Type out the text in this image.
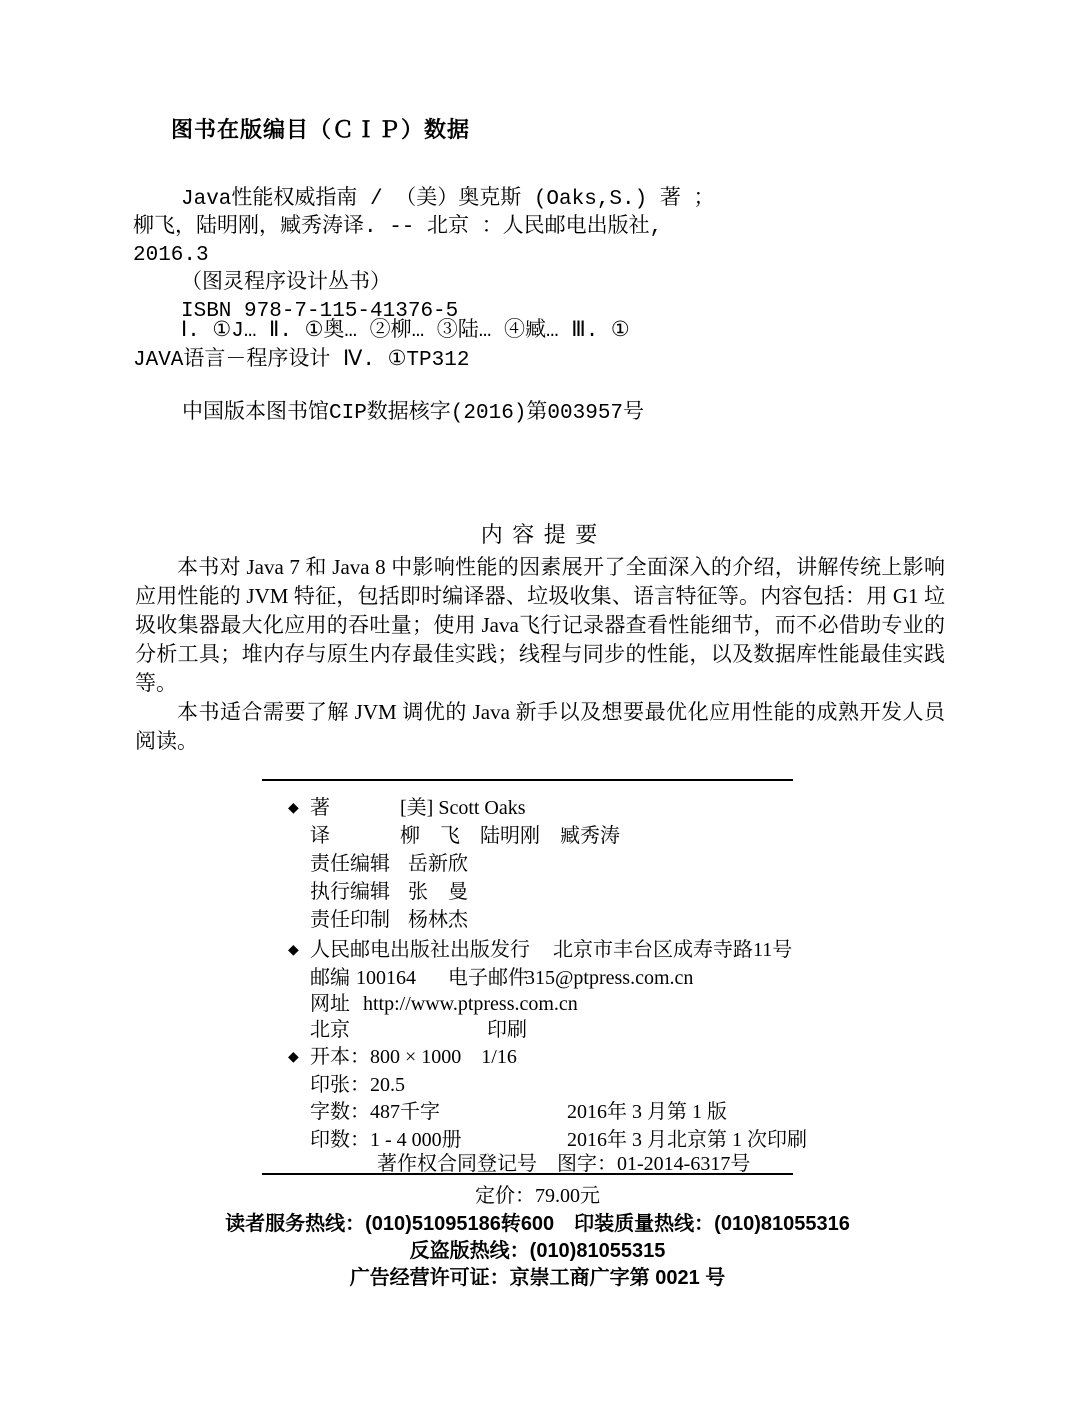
图书在版编目（ＣＩＰ）数据
Java性能权威指南 / （美）奥克斯 (Oaks,S.) 著 ；
柳飞，陆明刚，臧秀涛译. -- 北京 ：人民邮电出版社,
2016.3
（图灵程序设计丛书）
ISBN 978-7-115-41376-5
Ⅰ. ①J… Ⅱ. ①奥… ②柳… ③陆… ④臧… Ⅲ. ①
JAVA语言－程序设计 Ⅳ. ①TP312
中国版本图书馆CIP数据核字(2016)第003957号
内 容 提 要

本书对 Java 7 和 Java 8 中影响性能的因素展开了全面深入的介绍，讲解传统上影响应用性能的 JVM 特征，包括即时编译器、垃圾收集、语言特征等。内容包括：用 G1 垃圾收集器最大化应用的吞吐量；使用 Java飞行记录器查看性能细节，而不必借助专业的分析工具；堆内存与原生内存最佳实践；线程与同步的性能，以及数据库性能最佳实践等。

本书适合需要了解 JVM 调优的 Java 新手以及想要最优化应用性能的成熟开发人员阅读。

◆ 著	[美] Scott Oaks
译	柳　飞　陆明刚　臧秀涛
责任编辑 岳新欣
执行编辑 张　曼
责任印制 杨林杰
◆ 人民邮电出版社出版发行 北京市丰台区成寿寺路11号
邮编 100164 电子邮件
315@ptpress.com.cn
网址 http://www.ptpress.com.cn
北京	印刷
◆ 开本：800 × 1000　1/16
印张：20.5
字数：487千字	2016年 3 月第 1 版
印数：1 - 4 000册	2016年 3 月北京第 1 次印刷
著作权合同登记号　图字：01-2014-6317号
定价：79.00元
读者服务热线：(010)51095186转600　印装质量热线：(010)81055316
反盗版热线：(010)81055315
广告经营许可证：京崇工商广字第 0021 号
